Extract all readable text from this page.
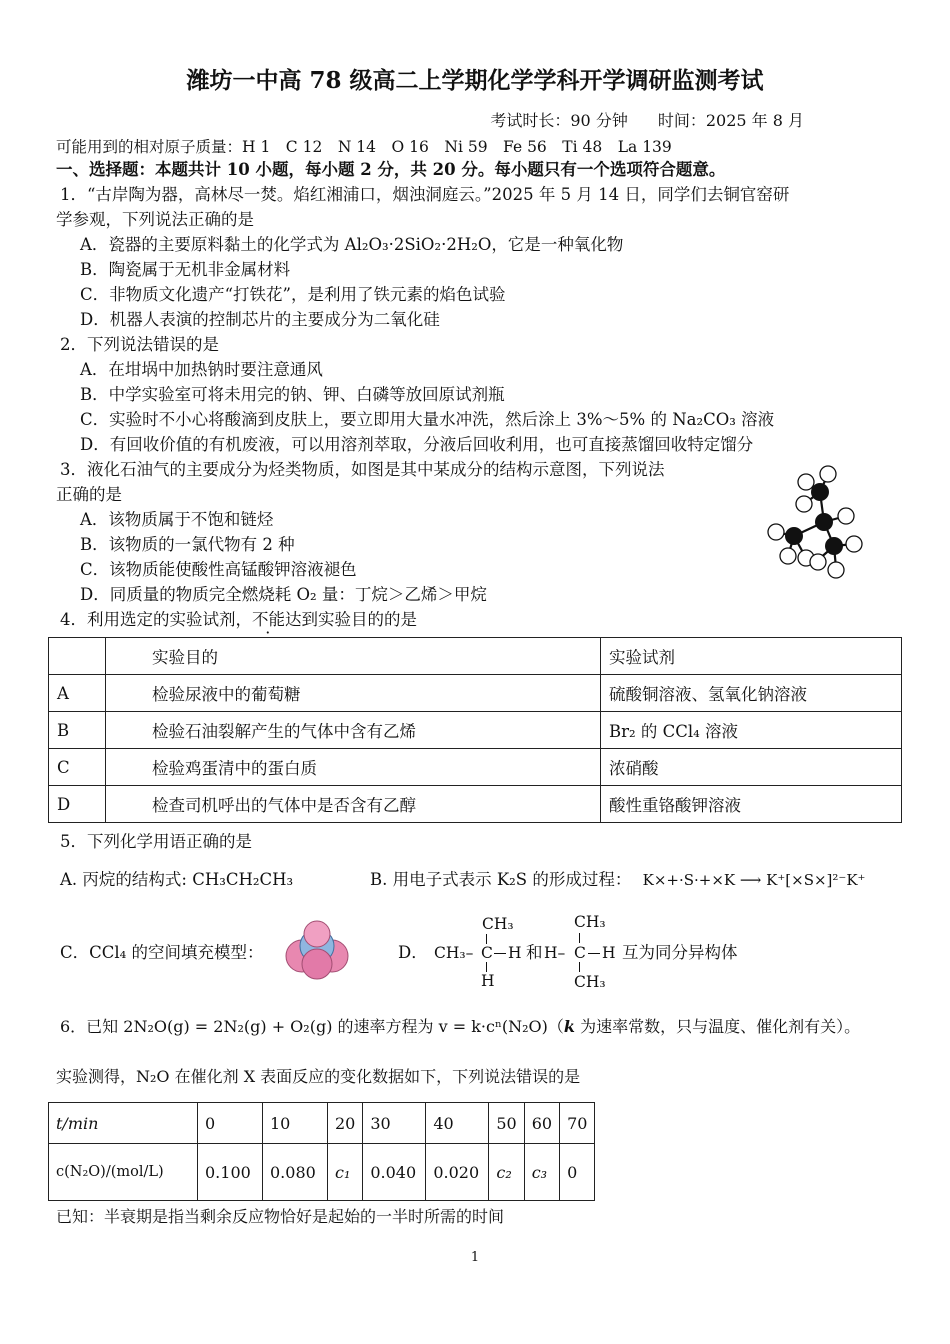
潍坊一中高 78 级高二上学期化学学科开学调研监测考试
考试时长：90 分钟 时间：2025 年 8 月
可能用到的相对原子质量：H 1　C 12　N 14　O 16　Ni 59　Fe 56　Ti 48　La 139
一、选择题：本题共计 10 小题，每小题 2 分，共 20 分。每小题只有一个选项符合题意。
1．“古岸陶为器，高林尽一焚。焰红湘浦口，烟浊洞庭云。”2025 年 5 月 14 日，同学们去铜官窑研
学参观，下列说法正确的是
A．瓷器的主要原料黏土的化学式为 Al₂O₃·2SiO₂·2H₂O，它是一种氧化物
B．陶瓷属于无机非金属材料
C．非物质文化遗产“打铁花”，是利用了铁元素的焰色试验
D．机器人表演的控制芯片的主要成分为二氧化硅
2．下列说法错误的是
A．在坩埚中加热钠时要注意通风
B．中学实验室可将未用完的钠、钾、白磷等放回原试剂瓶
C．实验时不小心将酸滴到皮肤上，要立即用大量水冲洗，然后涂上 3%～5% 的 Na₂CO₃ 溶液
D．有回收价值的有机废液，可以用溶剂萃取，分液后回收利用，也可直接蒸馏回收特定馏分
3．液化石油气的主要成分为烃类物质，如图是其中某成分的结构示意图，下列说法
正确的是
A．该物质属于不饱和链烃
B．该物质的一氯代物有 2 种
C．该物质能使酸性高锰酸钾溶液褪色
D．同质量的物质完全燃烧耗 O₂ 量：丁烷＞乙烯＞甲烷
4．利用选定的实验试剂，不能达到实验目的的是
	实验目的	实验试剂
A	检验尿液中的葡萄糖	硫酸铜溶液、氢氧化钠溶液
B	检验石油裂解产生的气体中含有乙烯	Br₂ 的 CCl₄ 溶液
C	检验鸡蛋清中的蛋白质	浓硝酸
D	检查司机呼出的气体中是否含有乙醇	酸性重铬酸钾溶液
5．下列化学用语正确的是
A. 丙烷的结构式: CH₃CH₂CH₃	B. 用电子式表示 K₂S 的形成过程： K×+·S·+×K ⟶ K⁺[×S×]²⁻K⁺
C．CCl₄ 的空间填充模型：	D． CH₃–
CH₃
C H
H
和 H–
CH₃
C H
CH₃
互为同分异构体
6．已知 2N₂O(g) = 2N₂(g) + O₂(g) 的速率方程为 v = k·cⁿ(N₂O)（k 为速率常数，只与温度、催化剂有关）。
实验测得，N₂O 在催化剂 X 表面反应的变化数据如下，下列说法错误的是
t/min	0	10	20	30	40	50	60	70
c(N₂O)/(mol/L)	0.100	0.080	c₁	0.040	0.020	c₂	c₃	0
已知：半衰期是指当剩余反应物恰好是起始的一半时所需的时间
1
